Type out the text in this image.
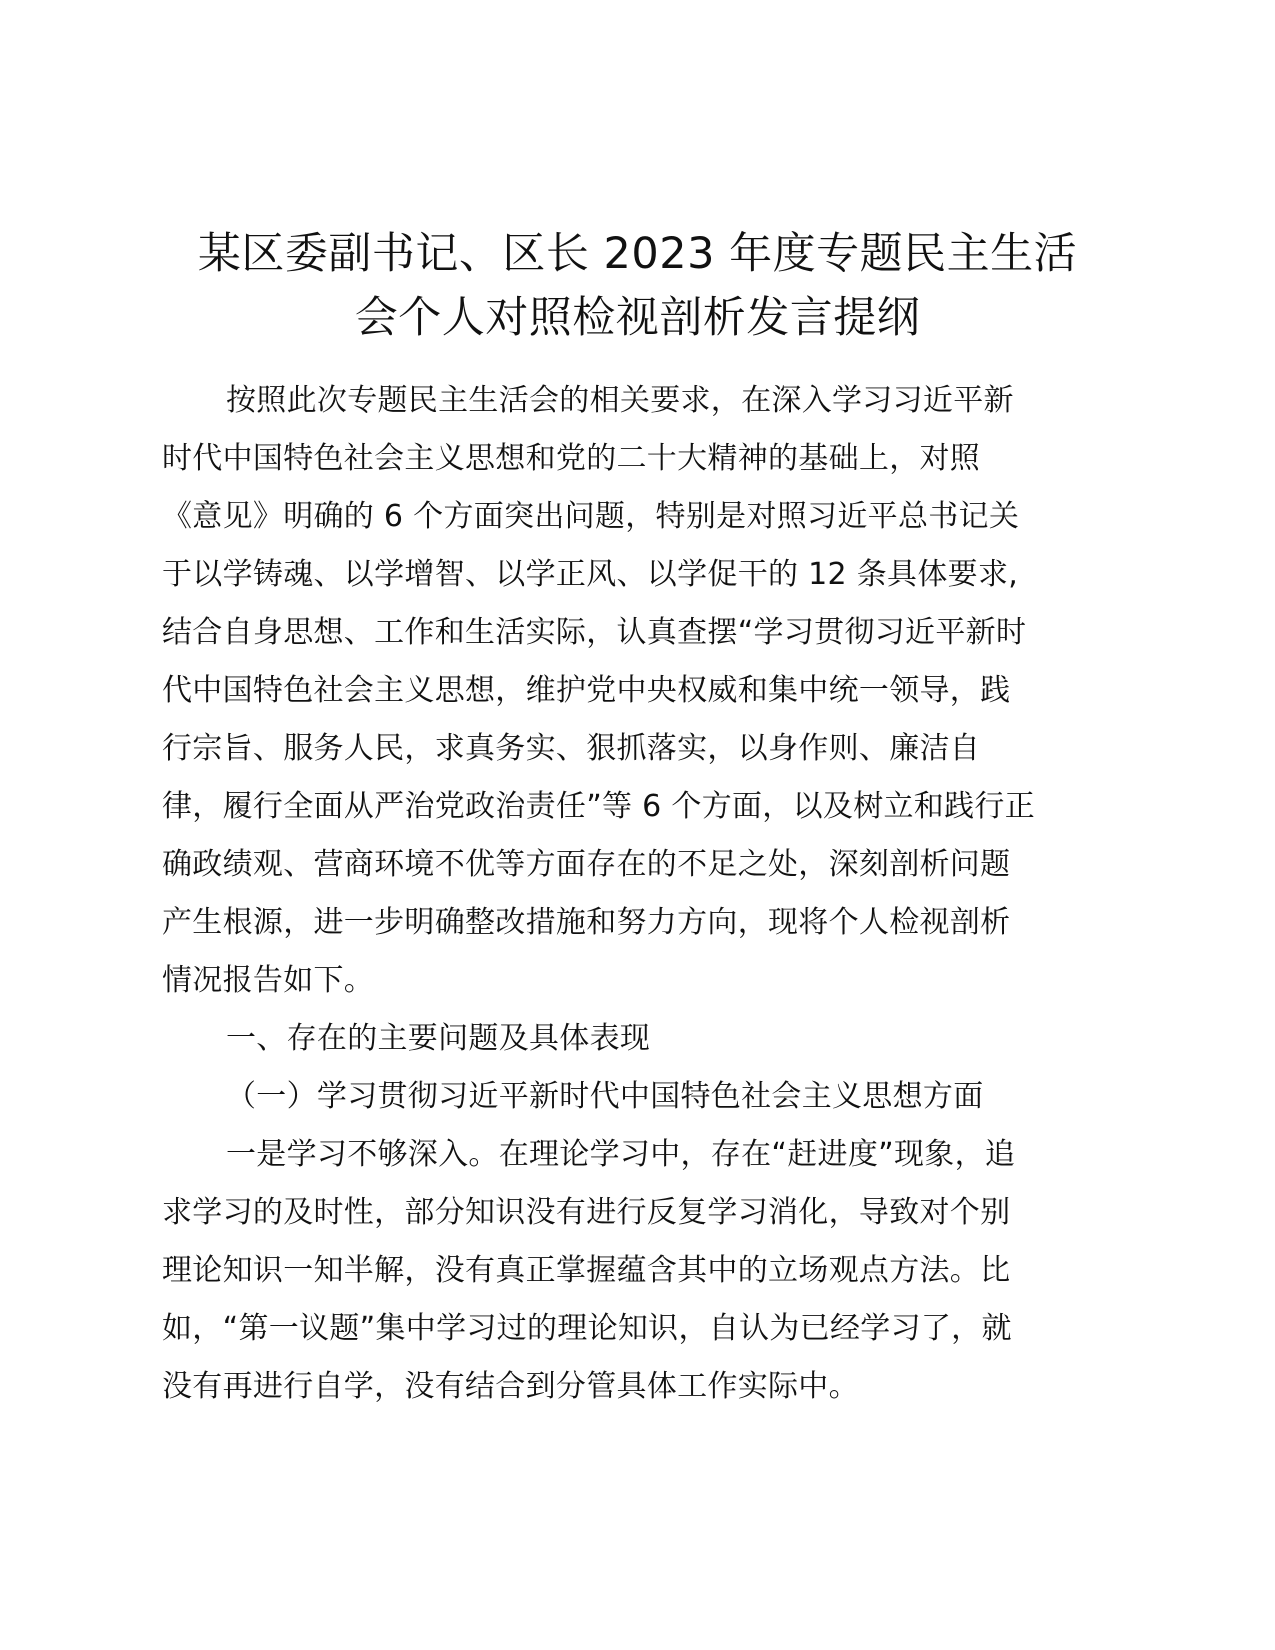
某区委副书记、区长 2023 年度专题民主生活
会个人对照检视剖析发言提纲
按照此次专题民主生活会的相关要求，在深入学习习近平新
时代中国特色社会主义思想和党的二十大精神的基础上，对照
《意见》明确的 6 个方面突出问题，特别是对照习近平总书记关
于以学铸魂、以学增智、以学正风、以学促干的 12 条具体要求,
结合自身思想、工作和生活实际，认真查摆“学习贯彻习近平新时
代中国特色社会主义思想，维护党中央权威和集中统一领导，践
行宗旨、服务人民，求真务实、狠抓落实，以身作则、廉洁自
律，履行全面从严治党政治责任”等 6 个方面，以及树立和践行正
确政绩观、营商环境不优等方面存在的不足之处，深刻剖析问题
产生根源，进一步明确整改措施和努力方向，现将个人检视剖析
情况报告如下。
一、存在的主要问题及具体表现
（一）学习贯彻习近平新时代中国特色社会主义思想方面
一是学习不够深入。在理论学习中，存在“赶进度”现象，追
求学习的及时性，部分知识没有进行反复学习消化，导致对个别
理论知识一知半解，没有真正掌握蕴含其中的立场观点方法。比
如，“第一议题”集中学习过的理论知识，自认为已经学习了，就
没有再进行自学，没有结合到分管具体工作实际中。
